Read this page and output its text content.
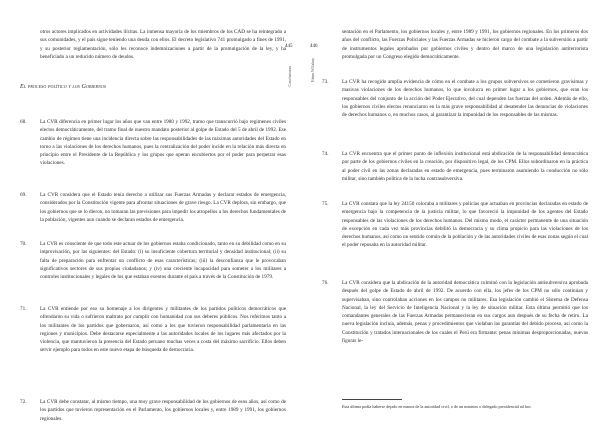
otros actores implicados en actividades ilícitas. La inmensa mayoría de los miembros de los CAD se ha reintegrado a sus comunidades, y el país sigue teniendo una deuda con ellos. El decreto legislativo 741 promulgado a fines de 1991, y su posterior reglamentación, sólo les reconoce indemnizaciones a partir de la promulgación de la ley, y ha beneficiado a un reducido número de deudos.

El proceso político y los Gobiernos
68.	La CVR diferencia en primer lugar los años que van entre 1980 y 1992, tramo que transcurrió bajo regímenes civiles electos democráticamente, del tramo final de nuestro mandato posterior al golpe de Estado del 5 de abril de 1992. Ese cambio de régimen tiene una incidencia directa sobre las responsabilidades de las máximas autoridades del Estado en torno a las violaciones de los derechos humanos, pues la centralización del poder incide en la relación más directa en principio entre el Presidente de la República y los grupos que operan encubiertos por el poder para perpetrar esas violaciones.

69.	La CVR considera que el Estado tenía derecho a utilizar sus Fuerzas Armadas y declarar estados de emergencia, considerados por la Constitución vigente para afrontar situaciones de grave riesgo. La CVR deplora, sin embargo, que los gobiernos que se lo dieron, no tomaran las previsiones para impedir los atropellos a los derechos fundamentales de la población, vigentes aun cuando se declaran estados de emergencia.

70.	La CVR es consciente de que todo este actuar de los gobiernos estaba condicionado, tanto en su debilidad como en su improvisación, por las siguientes: del Estado: (i) su insuficiente cobertura territorial y densidad institucional; (ii) su falta de preparación para enfrentar un conflicto de esas características; (iii) la desconfianza que le provocaban significativos sectores de sus propios ciudadanos; y (iv) una creciente incapacidad para someter a los militares a controles institucionales y legales de los que estaban exentos durante el país a través de la Constitución de 1979.

71.	La CVR entiende por eso su homenaje a los dirigentes y militantes de los partidos políticos democráticos que ofrendaron su vida o sufrieron maltrato por cumplir con humanidad con sus deberes públicos. Nos referimos tanto a los militantes de los partidos que gobernaron, así como a los que tuvieron responsabilidad parlamentaria en las regiones y municipios. Debe destacarse especialmente a las autoridades locales de los lugares más afectados por la violencia, que mantuvieron la presencia del Estado peruano muchas veces a costa del máximo sacrificio. Ellos deben servir ejemplo para todos en este nuevo etapa de búsqueda de democracia.

72.	La CVR debe constatar, al mismo tiempo, una muy grave responsabilidad de los gobiernos de esos años, así como de los partidos que tuvieron representación en el Parlamento, los gobiernos locales y, entre 1989 y 1991, los gobiernos regionales.

445
Conclusiones
446
Hatun Willakuy

sentación en el Parlamento, los gobiernos locales y, entre 1989 y 1991, los gobiernos regionales. En los primeros dos años del conflicto, las Fuerzas Policiales y las Fuerzas Armadas se hicieron cargo del combate a la subversión a partir de instrumentos legales aprobados por gobiernos civiles y dentro del marco de una legislación antiterrorista promulgada por un Congreso elegido democráticamente.

73.	La CVR ha recogido amplia evidencia de cómo en el combate a los grupos subversivos se cometieron gravísimas y masivas violaciones de los derechos humanos, lo que involucra en primer lugar a los gobiernos, que eran los responsables del conjunto de la acción del Poder Ejecutivo, del cual dependen las fuerzas del orden. Además de ello, los gobiernos civiles electos renunciaron en la más grave responsabilidad al desatender las denuncias de violaciones de derechos humanos o, en muchos casos, al garantizar la impunidad de los responsables de las mismas.

74.	La CVR encuentra que el primer punto de inflexión institucional está abdicación de la responsabilidad democrática por parte de los gobiernos civiles en la creación, por dispositivo legal, de los CPM. Ellos subordinaron en la práctica al poder civil en las zonas declaradas en estado de emergencia, pues terminaron asumiendo la conducción no sólo militar, sino también política de la lucha contrasubversiva.

75.	La CVR constata que la ley 24150 colocaba a militares y policías que actuaban en provincias declaradas en estado de emergencia bajo la competencia de la justicia militar, lo que favoreció la impunidad de los agentes del Estado responsables de las violaciones de los derechos humanos. Del mismo modo, el carácter permanente de una situación de excepción en cada vez más provincias debilitó la democracia y su clima propicio para las violaciones de los derechos humanos, así como un sentido común de la población y de las autoridades civiles de esas zonas según el cual el poder reposaba en la autoridad militar.

76.	La CVR considera que la abdicación de la autoridad democrática culminó con la legislación antisubversiva aprobada después del golpe de Estado de abril de 1992. De acuerdo con ella, los jefes de los CPM no sólo continúan y supervisaban, sino controlaban acciones en los campos no militares. Esa legislación cambió el Sistema de Defensa Nacional, la ley del Servicio de Inteligencia Nacional y la ley de situación militar. Esta última permitió que los comandantes generales de las Fuerzas Armadas permanecieran en sus cargos aun después de su fecha de retiro. La nueva legislación incluía, además, penas y procedimientos que violaban las garantías del debido proceso, así como la Constitución y tratados internacionales de los cuales el Perú era firmante: penas mínimas desproporcionadas, nuevas figuras le-

Esta última podía haberse dejado en manos de la autoridad civil, o de un ministro o delegado presidencial ad hoc.
